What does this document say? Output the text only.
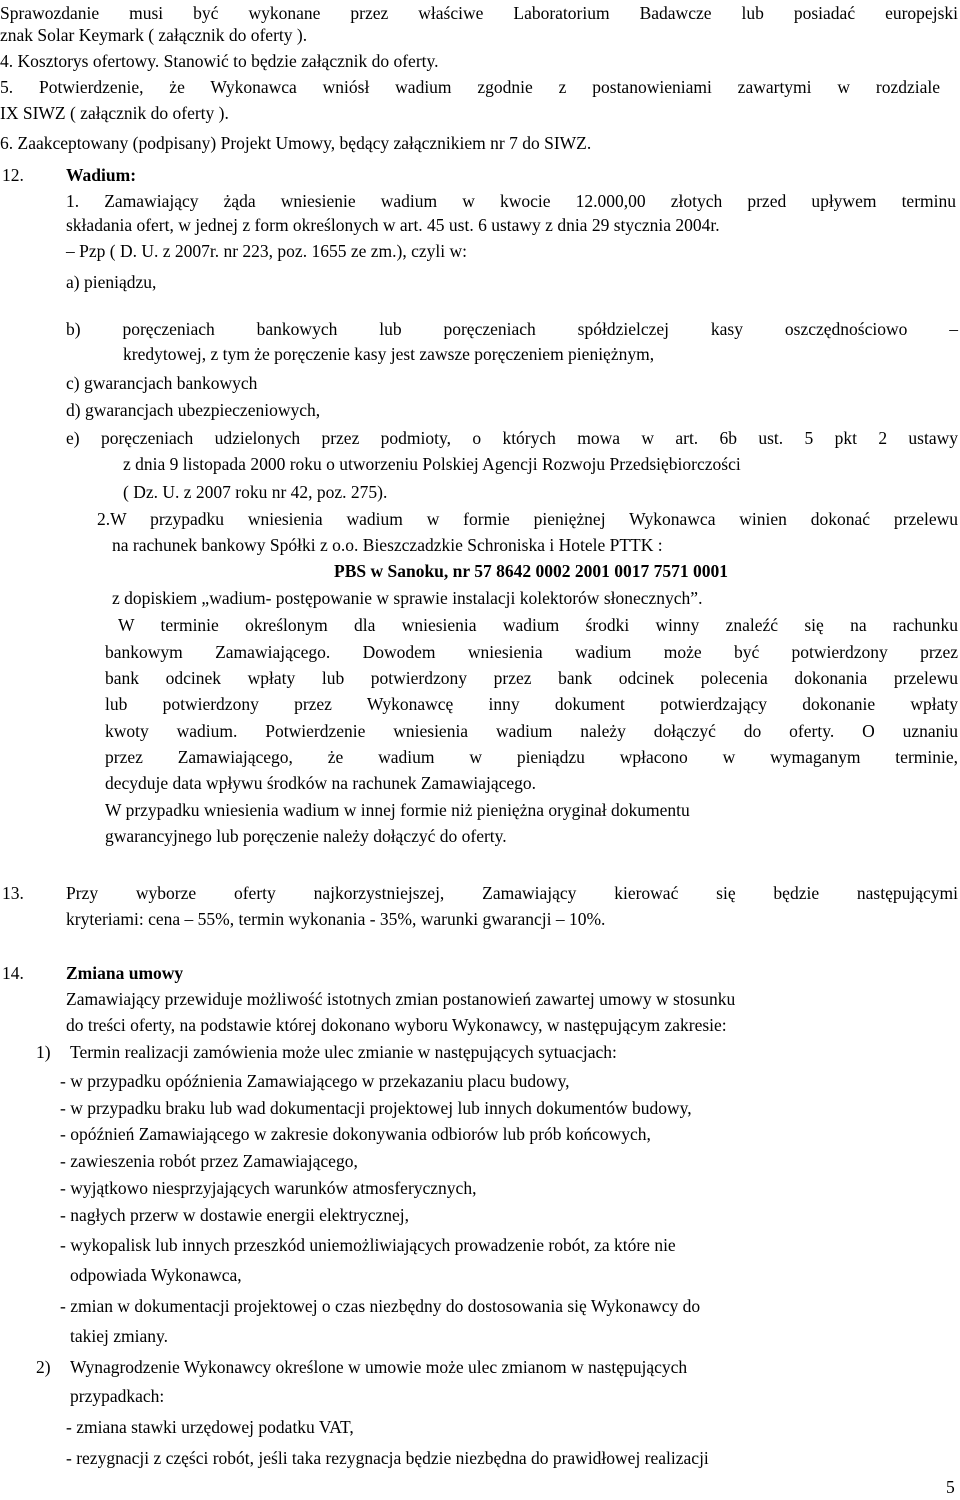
Sprawozdanie musi być wykonane przez właściwe Laboratorium Badawcze lub posiadać europejski
znak Solar Keymark ( załącznik do oferty ).
4. Kosztorys ofertowy. Stanowić to będzie załącznik do oferty.
5. Potwierdzenie, że Wykonawca wniósł wadium zgodnie z postanowieniami zawartymi w rozdziale
IX SIWZ ( załącznik do oferty ).
6. Zaakceptowany (podpisany) Projekt Umowy, będący załącznikiem nr 7 do SIWZ.
12. Wadium:
1. Zamawiający żąda wniesienie wadium w kwocie 12.000,00 złotych przed upływem terminu
składania ofert, w jednej z form określonych w art. 45 ust. 6 ustawy z dnia 29 stycznia 2004r.
– Pzp ( D. U. z 2007r. nr 223, poz. 1655 ze zm.), czyli w:
a) pieniądzu,
b) poręczeniach bankowych lub poręczeniach spółdzielczej kasy oszczędnościowo –
kredytowej, z tym że poręczenie kasy jest zawsze poręczeniem pieniężnym,
c) gwarancjach bankowych
d) gwarancjach ubezpieczeniowych,
e) poręczeniach udzielonych przez podmioty, o których mowa w art. 6b ust. 5 pkt 2 ustawy
z dnia 9 listopada 2000 roku o utworzeniu Polskiej Agencji Rozwoju Przedsiębiorczości
( Dz. U. z 2007 roku nr 42, poz. 275).
2.W przypadku wniesienia wadium w formie pieniężnej Wykonawca winien dokonać przelewu
na rachunek bankowy Spółki z o.o. Bieszczadzkie Schroniska i Hotele PTTK :
PBS w Sanoku, nr 57 8642 0002 2001 0017 7571 0001
z dopiskiem „wadium- postępowanie w sprawie instalacji kolektorów słonecznych”.
W terminie określonym dla wniesienia wadium środki winny znaleźć się na rachunku
bankowym Zamawiającego. Dowodem wniesienia wadium może być potwierdzony przez
bank odcinek wpłaty lub potwierdzony przez bank odcinek polecenia dokonania przelewu
lub potwierdzony przez Wykonawcę inny dokument potwierdzający dokonanie wpłaty
kwoty wadium. Potwierdzenie wniesienia wadium należy dołączyć do oferty. O uznaniu
przez Zamawiającego, że wadium w pieniądzu wpłacono w wymaganym terminie,
decyduje data wpływu środków na rachunek Zamawiającego.
W przypadku wniesienia wadium w innej formie niż pieniężna oryginał dokumentu
gwarancyjnego lub poręczenie należy dołączyć do oferty.
13. Przy wyborze oferty najkorzystniejszej, Zamawiający kierować się będzie następującymi
kryteriami: cena – 55%, termin wykonania - 35%, warunki gwarancji – 10%.
14. Zmiana umowy
Zamawiający przewiduje możliwość istotnych zmian postanowień zawartej umowy w stosunku
do treści oferty, na podstawie której dokonano wyboru Wykonawcy, w następującym zakresie:
1) Termin realizacji zamówienia może ulec zmianie w następujących sytuacjach:
- w przypadku opóźnienia Zamawiającego w przekazaniu placu budowy,
- w przypadku braku lub wad dokumentacji projektowej lub innych dokumentów budowy,
- opóźnień Zamawiającego w zakresie dokonywania odbiorów lub prób końcowych,
- zawieszenia robót przez Zamawiającego,
- wyjątkowo niesprzyjających warunków atmosferycznych,
- nagłych przerw w dostawie energii elektrycznej,
- wykopalisk lub innych przeszkód uniemożliwiających prowadzenie robót, za które nie
odpowiada Wykonawca,
- zmian w dokumentacji projektowej o czas niezbędny do dostosowania się Wykonawcy do
takiej zmiany.
2) Wynagrodzenie Wykonawcy określone w umowie może ulec zmianom w następujących
przypadkach:
- zmiana stawki urzędowej podatku VAT,
- rezygnacji z części robót, jeśli taka rezygnacja będzie niezbędna do prawidłowej realizacji
5
